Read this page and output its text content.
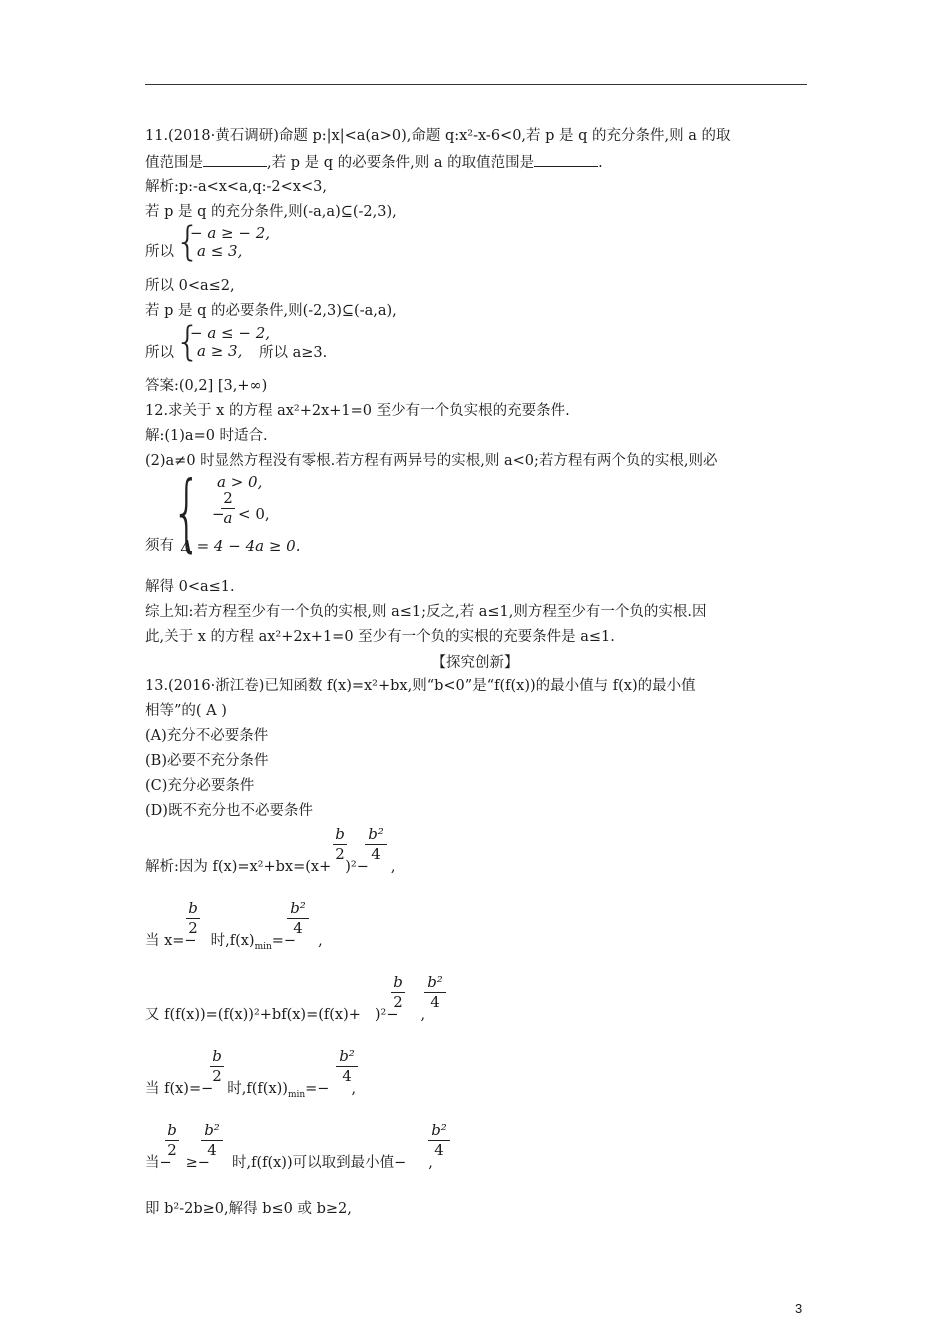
11.(2018·黄石调研)命题 p:|x|<a(a>0),命题 q:x²-x-6<0,若 p 是 q 的充分条件,则 a 的取
值范围是	,若 p 是 q 的必要条件,则 a 的取值范围是	.
解析:p:-a<x<a,q:-2<x<3,
若 p 是 q 的充分条件,则(-a,a)⊆(-2,3),
所以 {
− a ≥ − 2,
a ≤ 3,
所以 0<a≤2,
若 p 是 q 的必要条件,则(-2,3)⊆(-a,a),
所以 {
− a ≤ − 2,
a ≥ 3, 所以 a≥3.
答案:(0,2] [3,+∞)
12.求关于 x 的方程 ax²+2x+1=0 至少有一个负实根的充要条件.
解:(1)a=0 时适合.
(2)a≠0 时显然方程没有零根.若方程有两异号的实根,则 a<0;若方程有两个负的实根,则必
{ a > 0,
−
2
a < 0,
须有 Δ = 4 − 4a ≥ 0.
解得 0<a≤1.
综上知:若方程至少有一个负的实根,则 a≤1;反之,若 a≤1,则方程至少有一个负的实根.因
此,关于 x 的方程 ax²+2x+1=0 至少有一个负的实根的充要条件是 a≤1.
【探究创新】
13.(2016·浙江卷)已知函数 f(x)=x²+bx,则“b<0”是“f(f(x))的最小值与 f(x)的最小值
相等”的( A )
(A)充分不必要条件
(B)必要不充分条件
(C)充分必要条件
(D)既不充分也不必要条件
解析:因为 f(x)=x²+bx=(x+ )²− ,
b
2
b²
4
当 x=− 时$,f(x)_{min}=-$ ,
b
2
b²
4
又 f(f(x))=(f(x))²+bf(x)=(f(x)+ )²− ,
b
2
b²
4
当 f(x)=− 时$,f(f(x))_{min}=-$ ,
b
2
b²
4
当− ≥− 时,f(f(x))可以取到最小值− ,
b
2
b²
4
b²
4
即 b²-2b≥0,解得 b≤0 或 b≥2,
3
